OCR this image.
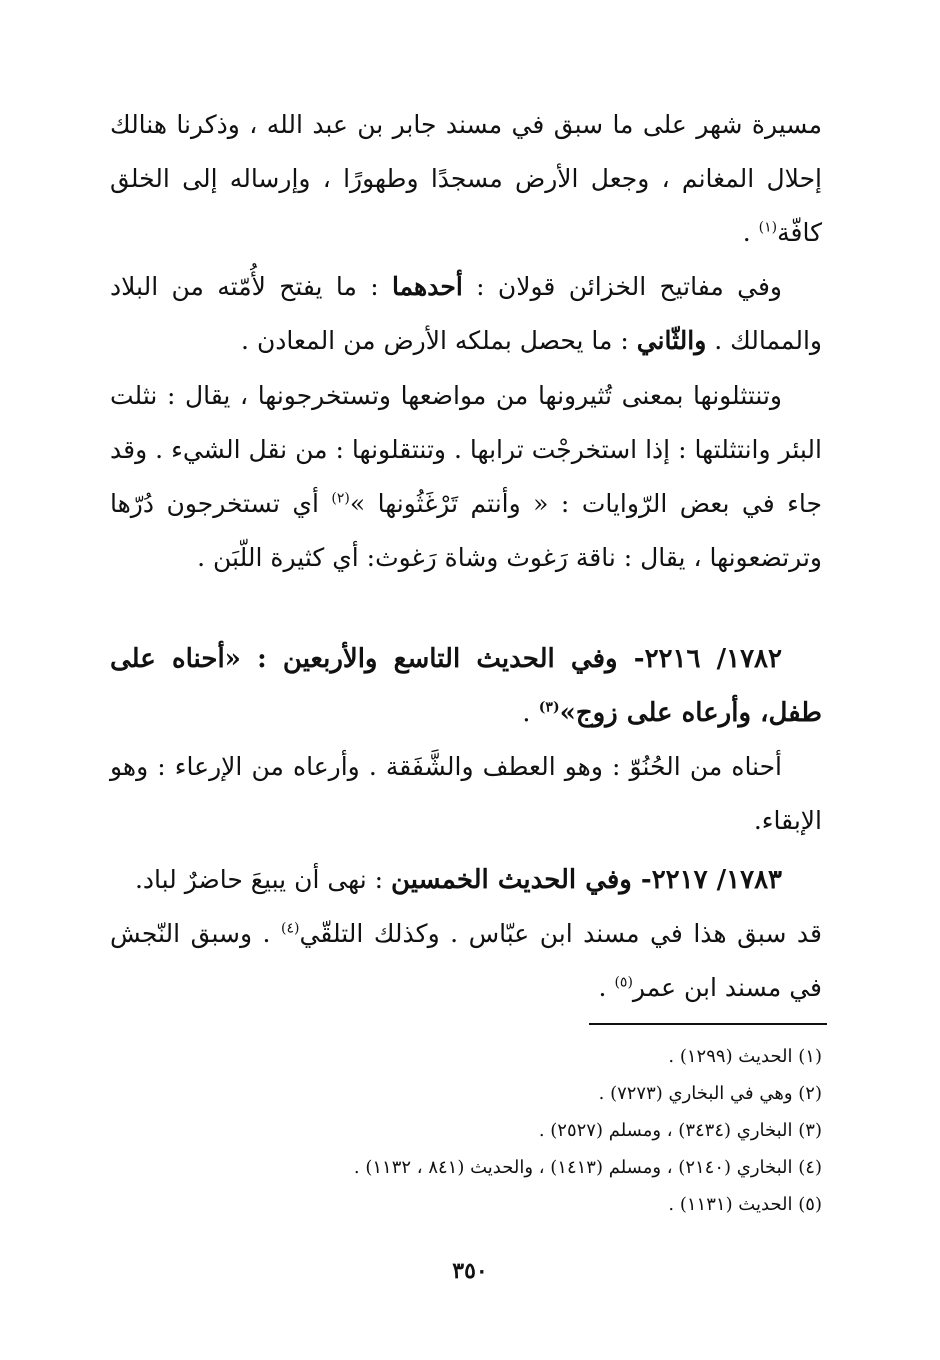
مسيرة شهر على ما سبق في مسند جابر بن عبد الله ، وذكرنا هنالك إحلال المغانم ، وجعل الأرض مسجدًا وطهورًا ، وإرساله إلى الخلق كافّة$^{(١)}$ .

وفي مفاتيح الخزائن قولان : أحدهما : ما يفتح لأُمّته من البلاد والممالك . والثّاني : ما يحصل بملكه الأرض من المعادن .

وتنتثلونها بمعنى تُثيرونها من مواضعها وتستخرجونها ، يقال : نثلت البئر وانتثلتها : إذا استخرجْت ترابها . وتنتقلونها : من نقل الشيء . وقد جاء في بعض الرّوايات : « وأنتم تَرْغَثُونها »$^{(٢)}$ أي تستخرجون دُرّها وترتضعونها ، يقال : ناقة رَغوث وشاة رَغوث: أي كثيرة اللّبَن .

١٧٨٢/ ٢٢١٦- وفي الحديث التاسع والأربعين : «أحناه على طفل، وأرعاه على زوج»$^{(٣)}$ .

أحناه من الحُنُوّ : وهو العطف والشَّفَقة . وأرعاه من الإرعاء : وهو الإبقاء.

١٧٨٣/ ٢٢١٧- وفي الحديث الخمسين : نهى أن يبيعَ حاضرٌ لباد.

قد سبق هذا في مسند ابن عبّاس . وكذلك التلقّي$^{(٤)}$ . وسبق النّجش في مسند ابن عمر$^{(٥)}$ .

(١) الحديث (١٢٩٩) .

(٢) وهي في البخاري (٧٢٧٣) .

(٣) البخاري (٣٤٣٤) ، ومسلم (٢٥٢٧) .

(٤) البخاري (٢١٤٠) ، ومسلم (١٤١٣) ، والحديث (٨٤١ ، ١١٣٢) .

(٥) الحديث (١١٣١) .

٣٥٠
